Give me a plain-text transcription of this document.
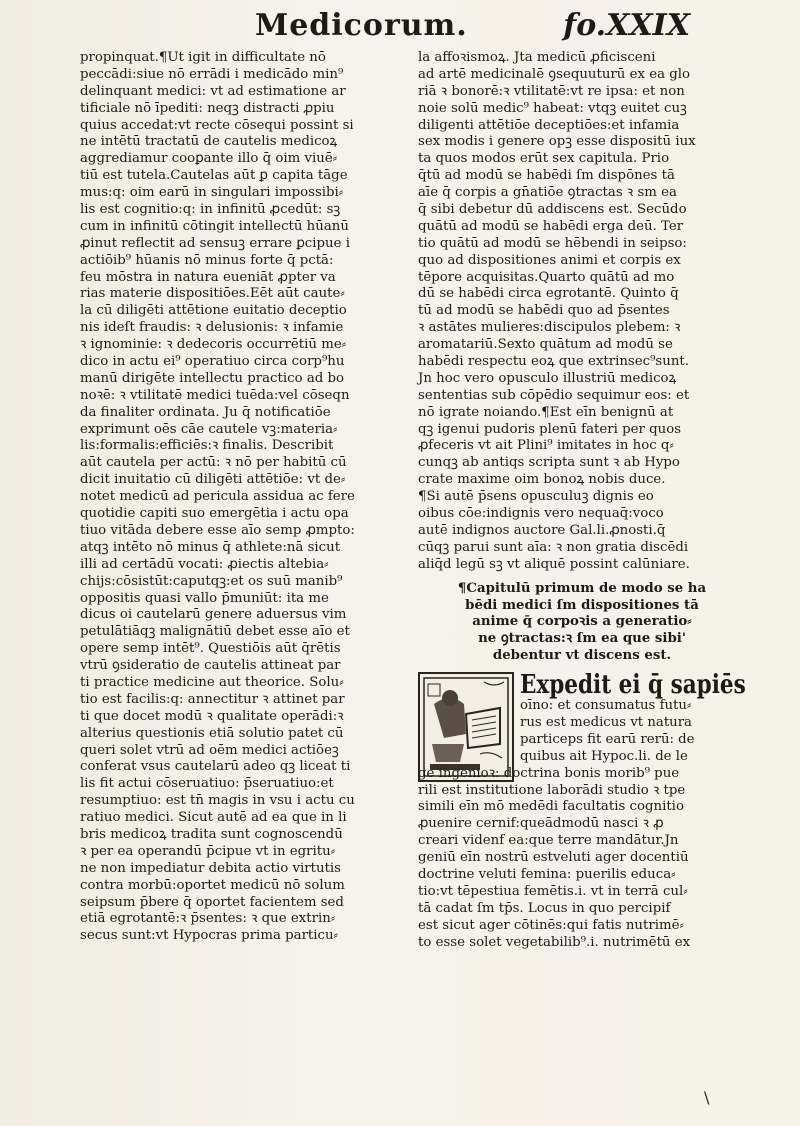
Medicorum.	fo.XXIX
propinquat.¶Ut igit in difficultate nō
peccādi:siue nō errādi i medicādo min⁹
delinquant medici: vt ad estimatione ar
tificiale nō īpediti: neqꝫ distracti ꝓpiu
quius accedat:vt recte cōsequi possint si
ne intētū tractatū de cautelis medicoꝝ
aggrediamur cooꝑante illo q̄ oim viuē⸗
tiū est tutela.Cautelas aūt ꝑ capita tāge
mus:q: oim earū in singulari impossibi⸗
lis est cognitio:q: in infinitū ꝓcedūt: sꝫ
cum in infinitū cōtingit intellectū hūanū
ꝓinut reflectit ad sensuꝫ errare ꝑcipue i
actiōib⁹ hūanis nō minus forte q̄ pctā:
feu mōstra in natura eueniāt ꝓpter va
rias materie dispositiōes.Eēt aūt caute⸗
la cū diligēti attētione euitatio deceptio
nis ideſt fraudis: ꝛ delusionis: ꝛ infamie
ꝛ ignominie: ꝛ dedecoris occurrētiū me⸗
dico in actu ei⁹ operatiuo circa corp⁹hu
manū dirigēte intellectu practico ad bo
noꝛē: ꝛ vtilitatē medici tuēda:vel cōseqn
da finaliter ordinata. Ju q̄ notificatiōe
exprimunt oēs cāe cautele vꝫ:materia⸗
lis:formalis:efficiēs:ꝛ finalis. Describit
aūt cautela per actū: ꝛ nō per habitū cū
dicit inuitatio cū diligēti attētiōe: vt de⸗
notet medicū ad pericula assidua ac fere
quotidie capiti suo emergētia i actu opa
tiuo vitāda debere esse aīo semp ꝓmpto:
atqꝫ intēto nō minus q̄ athlete:nā sicut
illi ad certādū vocati: ꝓiectis altebia⸗
chijs:cōsistūt:caputqꝫ:et os suū manib⁹
oppositis quasi vallo p̄muniūt: ita me
dicus oi cautelarū genere aduersus vim
petulātiāqꝫ malignātiū debet esse aīo et
opere semp intēt⁹. Questiōis aūt q̄rētis
vtrū ꝯsideratio de cautelis attineat par
ti practice medicine aut theorice. Solu⸗
tio est facilis:q: annectitur ꝛ attinet par
ti que docet modū ꝛ qualitate operādi:ꝛ
alterius questionis etiā solutio patet cū
queri solet vtrū ad oēm medici actiōeꝫ
conferat vsus cautelarū adeo qꝫ liceat ti
lis fit actui cōseruatiuo: p̄seruatiuo:et
resumptiuo: est tn̄ magis in vsu i actu cu
ratiuo medici. Sicut autē ad ea que in li
bris medicoꝝ tradita sunt cognoscendū
ꝛ per ea operandū p̄cipue vt in egritu⸗
ne non impediatur debita actio virtutis
contra morbū:oportet medicū nō solum
seipsum p̄bere q̄ oportet facientem sed
etiā egrotantē:ꝛ p̄sentes: ꝛ que extrin⸗
secus sunt:vt Hypocras prima particu⸗
la affoꝛismoꝝ. Jta medicū ꝓficisceni
ad artē medicinalē ꝯsequuturū ex ea glo
riā ꝛ bonorē:ꝛ vtilitatē:vt re ipsa: et non
noie solū medic⁹ habeat: vtqꝫ euitet cuꝫ
diligenti attētiōe deceptiōes:et infamia
sex modis i genere opꝫ esse dispositū iux
ta quos modos erūt sex capitula. Prio
q̄tū ad modū se habēdi ſm dispōnes tā
aīe q̄ corpis a gn̄atiōe ꝯtractas ꝛ sm ea
q̄ sibi debetur dū addiscens est. Secūdo
quātū ad modū se habēdi erga deū. Ter
tio quātū ad modū se hēbendi in seipso:
quo ad dispositiones animi et corpis ex
tēpore acquisitas.Quarto quātū ad mo
dū se habēdi circa egrotantē. Quinto q̄
tū ad modū se habēdi quo ad p̄sentes
ꝛ astātes mulieres:discipulos plebem: ꝛ
aromatariū.Sexto quātum ad modū se
habēdi respectu eoꝝ que extrinsec⁹sunt.
Jn hoc vero opusculo illustriū medicoꝝ
sententias sub cōpēdio sequimur eos: et
nō igrate noiando.¶Est eīn benignū at
qꝫ igenui pudoris plenū fateri per quos
ꝓfeceris vt ait Plini⁹ imitates in hoc q⸗
cunqꝫ ab antiqs scripta sunt ꝛ ab Hypo
crate maxime oim bonoꝝ nobis duce.
¶Si autē p̄sens opusculuꝫ dignis eo
oibus cōe:indignis vero nequaq̄:voco
autē indignos auctore Gal.li.ꝓnosti.q̄
cūqꝫ parui sunt aīa: ꝛ non gratia discēdi
aliq̄d legū sꝫ vt aliquē possint calūniare.
¶Capitulū primum de modo se ha
bēdi medici ſm dispositiones tā
anime q̄ corpoꝛis a generatio⸗
ne ꝯtractas:ꝛ ſm ea que sibi'
debentur vt discens est.
Expedit ei q̄ sapiēs
oīno: et consumatus futu⸗
rus est medicus vt natura
particeps fit earū rerū: de
quibus ait Hypoc.li. de le
ge ingenioꝛ: doctrina bonis morib⁹ pue
rili est institutione laborādi studio ꝛ tpe
simili eīn mō medēdi facultatis cognitio
ꝓuenire cernif:queādmodū nasci ꝛ ꝓ
creari videnf ea:que terre mandātur.Jn
geniū eīn nostrū estveluti ager docentiū
doctrine veluti femina: puerilis educa⸗
tio:vt tēpestiua femētis.i. vt in terrā cul⸗
tā cadat ſm tp̄s. Locus in quo percipif
est sicut ager cōtinēs:qui fatis nutrimē⸗
to esse solet vegetabilib⁹.i. nutrimētū ex
\
